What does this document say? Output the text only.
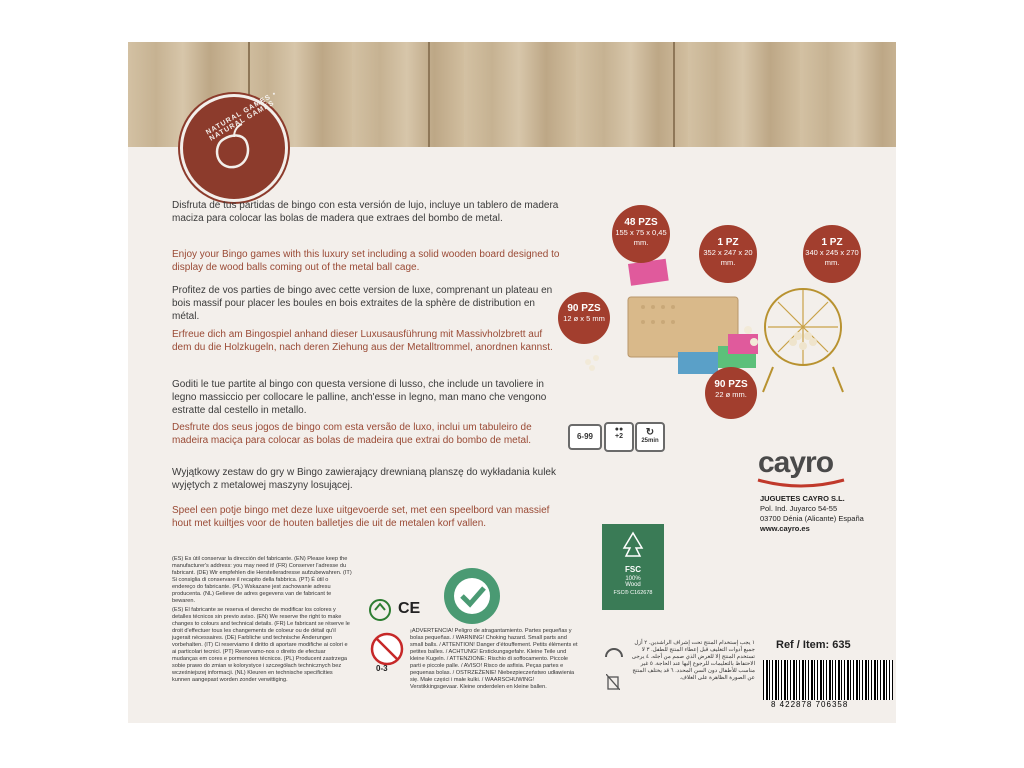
NATURAL GAMES • NATURAL GAMES

Disfruta de tus partidas de bingo con esta versión de lujo, incluye un tablero de madera maciza para colocar las bolas de madera que extraes del bombo de metal.

Enjoy your Bingo games with this luxury set including a solid wooden board designed to display de wood balls coming out of the metal ball cage.

Profitez de vos parties de bingo avec cette version de luxe, comprenant un plateau en bois massif pour placer les boules en bois extraites de la sphère de distribution en métal.

Erfreue dich am Bingospiel anhand dieser Luxusausführung mit Massivholzbrett auf dem du die Holzkugeln, nach deren Ziehung aus der Metalltrommel, anordnen kannst.

Goditi le tue partite al bingo con questa versione di lusso, che include un tavoliere in legno massiccio per collocare le palline, anch'esse in legno, man mano che vengono estratte dal cestello in metallo.

Desfrute dos seus jogos de bingo com esta versão de luxo, inclui um tabuleiro de madeira maciça para colocar as bolas de madeira que extrai do bombo de metal.

Wyjątkowy zestaw do gry w Bingo zawierający drewnianą planszę do wykładania kulek wyjętych z metalowej maszyny losującej.

Speel een potje bingo met deze luxe uitgevoerde set, met een speelbord van massief hout met kuiltjes voor de houten balletjes die uit de metalen korf vallen.

48 PZS
155 x 75 x 0,45 mm.	1 PZ
352 x 247 x 20 mm.
1 PZ
340 x 245 x 270 mm.
90 PZS
12 ø x 5 mm
90 PZS
22 ø mm.
6-99
●●
+2	↻
25min
cayro
JUGUETES CAYRO S.L.
Pol. Ind. Juyarco 54-55
03700 Dénia (Alicante) España
www.cayro.es
FSC
100%
Wood
FSC® C162678

(ES) Es útil conservar la dirección del fabricante. (EN) Please keep the manufacturer's address: you may need it! (FR) Conserver l'adresse du fabricant. (DE) Wir empfehlen die Herstelleradresse aufzubewahren. (IT) Si consiglia di conservare il recapito della fabbrica. (PT) É útil o endereço do fabricante. (PL) Wskazane jest zachowanie adresu producenta. (NL) Gelieve de adres gegevens van de fabricant te bewaren.

(ES) El fabricante se reserva el derecho de modificar los colores y detalles técnicos sin previo aviso. (EN) We reserve the right to make changes to colours and technical details. (FR) Le fabricant se réserve le droit d'effectuer tous les changements de coloeur ou de détail qu'il jugerait nécessaires. (DE) Farbliche und technische Änderungen vorbehalten. (IT) Ci reserviamo il diritto di aportare modifiche ai colori e ai particolari tecnici. (PT) Reservamo-nos o direito de efectuar mudanças em cores e pormenores técnicos. (PL) Producent zastrzega sobie prawo do zmian w kolorystyce i szczegółach technicznych bez wcześniejszej informacji. (NL) Kleuren en technische specificities kunnen aangepast worden zonder verwittiging.

CE
0-3

¡ADVERTENCIA! Peligro de atragantamiento. Partes pequeñas y bolas pequeñas. / WARNING! Choking hazard. Small parts and small balls. / ATTENTION! Danger d'étouffement. Petits éléments et petites balles. / ACHTUNG! Erstickungsgefahr. Kleine Teile und kleine Kugeln. / ATTENZIONE: Rischio di soffocamento. Piccole parti e piccole palle. / AVISO! Risco de asfixia. Peças partes e pequenas bolas. / OSTRZEŻENIE! Niebezpieczeństwo udławienia się. Małe części i małe kulki. / WAARSCHUWING! Verstikkingsgevaar. Kleine onderdelen en kleine ballen.

١ يجب إستخدام المنتج تحت إشراف الراشدين. ٢ أزل جميع أدوات التغليف قبل إعطاء المنتج للطفل. ٣ لا تستخدم المنتج إلا للغرض الذي صمم من أجله. ٤ يرجى الاحتفاظ بالتعليمات للرجوع إليها عند الحاجة. ٥ غير مناسب للأطفال دون السن المحدد. ٦ قد يختلف المنتج عن الصورة الظاهرة على الغلاف.

Ref / Item: 635
8 422878 706358
